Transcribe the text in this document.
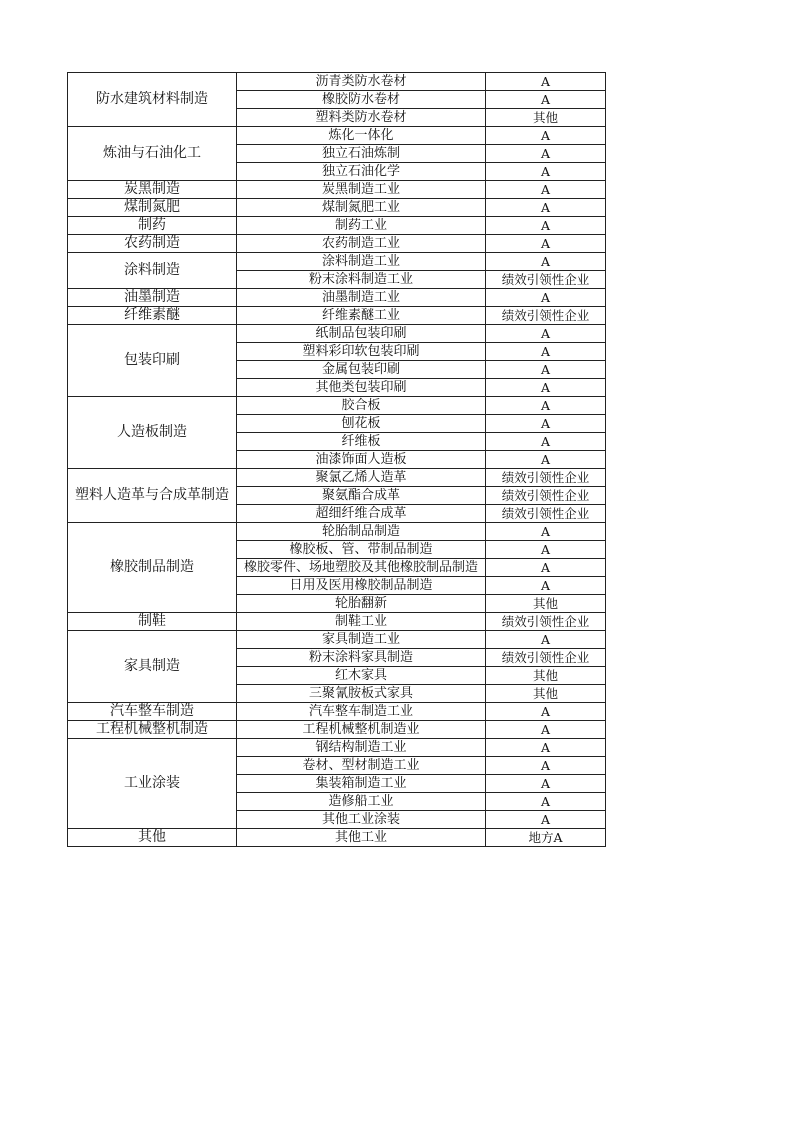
防水建筑材料制造	沥青类防水卷材	A
	橡胶防水卷材	A
	塑料类防水卷材	其他
炼油与石油化工	炼化一体化	A
	独立石油炼制	A
	独立石油化学	A
炭黑制造	炭黑制造工业	A
煤制氮肥	煤制氮肥工业	A
制药	制药工业	A
农药制造	农药制造工业	A
涂料制造	涂料制造工业	A
	粉末涂料制造工业	绩效引领性企业
油墨制造	油墨制造工业	A
纤维素醚	纤维素醚工业	绩效引领性企业
包装印刷	纸制品包装印刷	A
	塑料彩印软包装印刷	A
	金属包装印刷	A
	其他类包装印刷	A
人造板制造	胶合板	A
	刨花板	A
	纤维板	A
	油漆饰面人造板	A
塑料人造革与合成革制造	聚氯乙烯人造革	绩效引领性企业
	聚氨酯合成革	绩效引领性企业
	超细纤维合成革	绩效引领性企业
橡胶制品制造	轮胎制品制造	A
	橡胶板、管、带制品制造	A
	橡胶零件、场地塑胶及其他橡胶制品制造	A
	日用及医用橡胶制品制造	A
	轮胎翻新	其他
制鞋	制鞋工业	绩效引领性企业
家具制造	家具制造工业	A
	粉末涂料家具制造	绩效引领性企业
	红木家具	其他
	三聚氰胺板式家具	其他
汽车整车制造	汽车整车制造工业	A
工程机械整机制造	工程机械整机制造业	A
工业涂装	钢结构制造工业	A
	卷材、型材制造工业	A
	集装箱制造工业	A
	造修船工业	A
	其他工业涂装	A
其他	其他工业	地方A
